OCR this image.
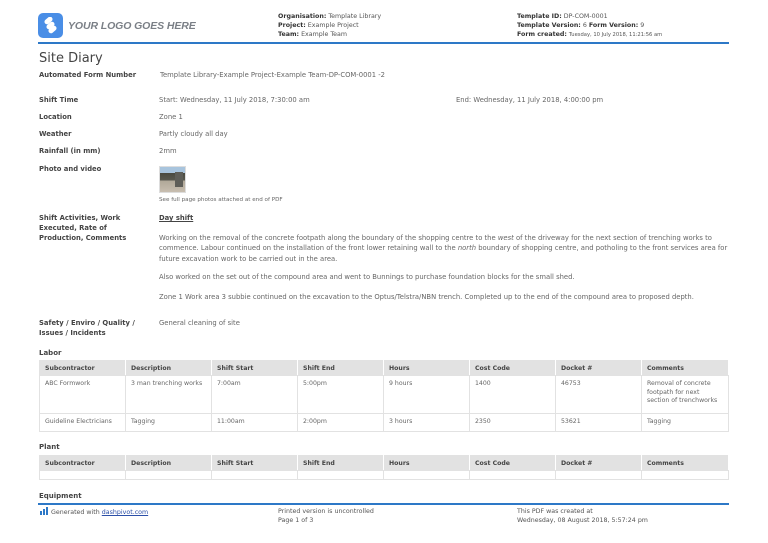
YOUR LOGO GOES HERE
Organisation: Template Library
Project: Example Project
Team: Example Team
Template ID: DP-COM-0001
Template Version: 6 Form Version: 9
Form created: Tuesday, 10 July 2018, 11:21:56 am
Site Diary
Automated Form Number	Template Library-Example Project-Example Team-DP-COM-0001 -2
Shift Time	Start: Wednesday, 11 July 2018, 7:30:00 am	End: Wednesday, 11 July 2018, 4:00:00 pm
Location	Zone 1
Weather	Partly cloudy all day
Rainfall (in mm)	2mm
Photo and video
See full page photos attached at end of PDF
Shift Activities, Work Executed, Rate of Production, Comments
Day shift

Working on the removal of the concrete footpath along the boundary of the shopping centre to the west of the driveway for the next section of trenching works to commence. Labour continued on the installation of the front lower retaining wall to the north boundary of shopping centre, and potholing to the front services area for future excavation work to be carried out in the area.

Also worked on the set out of the compound area and went to Bunnings to purchase foundation blocks for the small shed.

Zone 1 Work area 3 subbie continued on the excavation to the Optus/Telstra/NBN trench. Completed up to the end of the compound area to proposed depth.

Safety / Enviro / Quality / Issues / Incidents
General cleaning of site
Labor
Subcontractor	Description	Shift Start	Shift End	Hours	Cost Code	Docket #	Comments
ABC Formwork	3 man trenching works	7:00am	5:00pm	9 hours	1400	46753	Removal of concrete footpath for next section of trenchworks
Guideline Electricians	Tagging	11:00am	2:00pm	3 hours	2350	53621	Tagging
Plant
Subcontractor	Description	Shift Start	Shift End	Hours	Cost Code	Docket #	Comments

Equipment
Generated with dashpivot.com	Printed version is uncontrolled
Page 1 of 3
This PDF was created at
Wednesday, 08 August 2018, 5:57:24 pm
